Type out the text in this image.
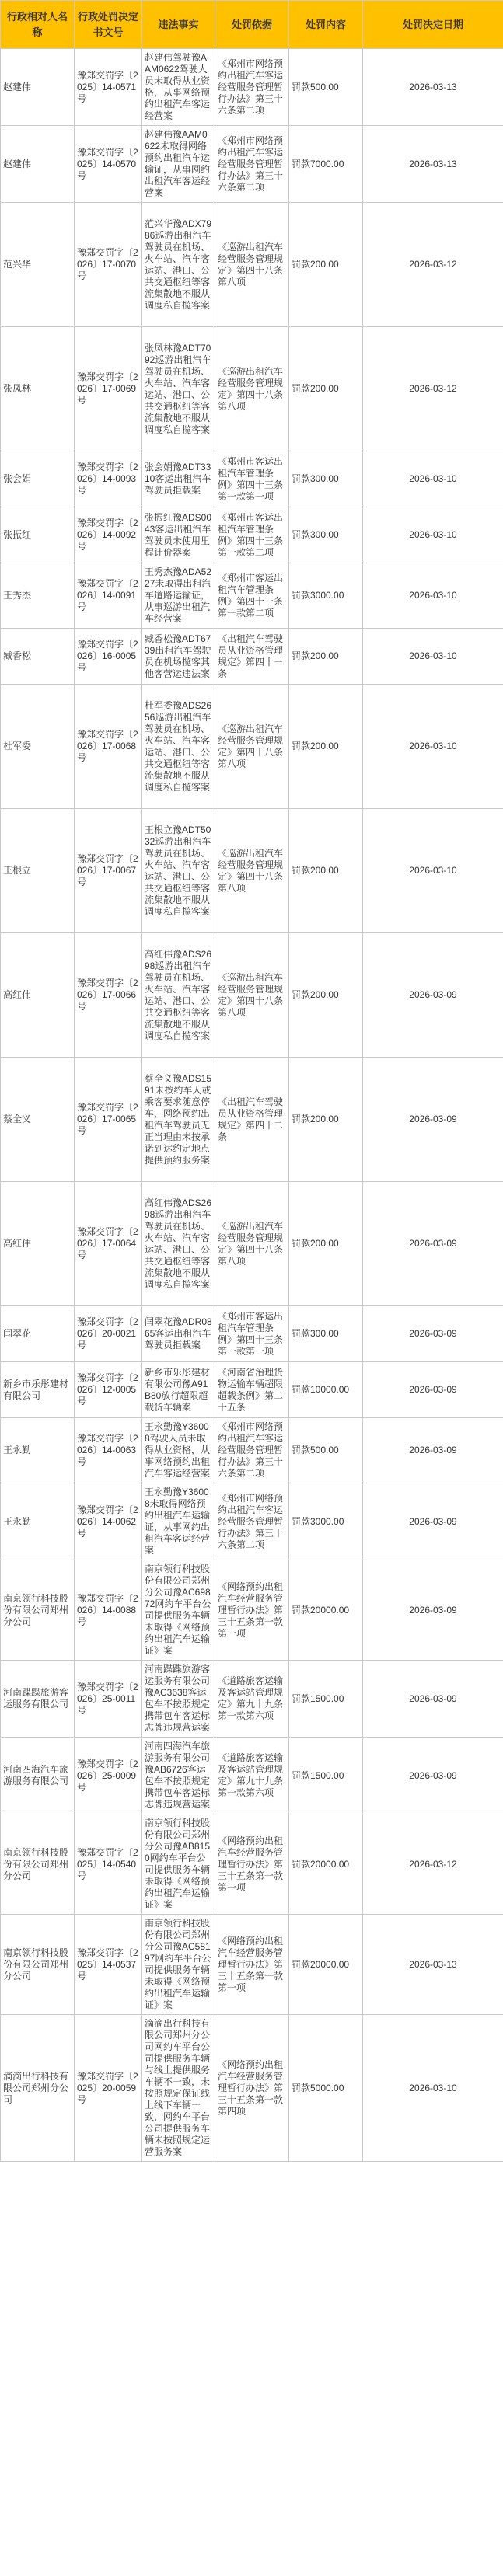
行政相对人名称	行政处罚决定书文号	违法事实	处罚依据	处罚内容	处罚决定日期
赵建伟	豫郑交罚字〔2025〕14-0571号	赵建伟驾驶豫AAM0622驾驶人员未取得从业资格，从事网络预约出租汽车客运经营案	《郑州市网络预约出租汽车客运经营服务管理暂行办法》第三十六条第二项	罚款500.00	2026-03-13
赵建伟	豫郑交罚字〔2025〕14-0570号	赵建伟豫AAM0622未取得网络预约出租汽车运输证，从事网约出租汽车客运经营案	《郑州市网络预约出租汽车客运经营服务管理暂行办法》第三十六条第二项	罚款7000.00	2026-03-13
范兴华	豫郑交罚字〔2026〕17-0070号	范兴华豫ADX7986巡游出租汽车驾驶员在机场、火车站、汽车客运站、港口、公共交通枢纽等客流集散地不服从调度私自揽客案	《巡游出租汽车经营服务管理规定》第四十八条第八项	罚款200.00	2026-03-12
张凤林	豫郑交罚字〔2026〕17-0069号	张凤林豫ADT7092巡游出租汽车驾驶员在机场、火车站、汽车客运站、港口、公共交通枢纽等客流集散地不服从调度私自揽客案	《巡游出租汽车经营服务管理规定》第四十八条第八项	罚款200.00	2026-03-12
张会娟	豫郑交罚字〔2026〕14-0093号	张会娟豫ADT3310客运出租汽车驾驶员拒载案	《郑州市客运出租汽车管理条例》第四十三条第一款第一项	罚款300.00	2026-03-10
张振红	豫郑交罚字〔2026〕14-0092号	张振红豫ADS0043客运出租汽车驾驶员未使用里程计价器案	《郑州市客运出租汽车管理条例》第四十三条第一款第二项	罚款300.00	2026-03-10
王秀杰	豫郑交罚字〔2026〕14-0091号	王秀杰豫ADA5227未取得出租汽车道路运输证，从事巡游出租汽车经营案	《郑州市客运出租汽车管理条例》第四十一条第一款第二项	罚款3000.00	2026-03-10
臧香松	豫郑交罚字〔2026〕16-0005号	臧香松豫ADT6739出租汽车驾驶员在机场揽客其他客营运违法案	《出租汽车驾驶员从业资格管理规定》第四十一条	罚款200.00	2026-03-10
杜军委	豫郑交罚字〔2026〕17-0068号	杜军委豫ADS2656巡游出租汽车驾驶员在机场、火车站、汽车客运站、港口、公共交通枢纽等客流集散地不服从调度私自揽客案	《巡游出租汽车经营服务管理规定》第四十八条第八项	罚款200.00	2026-03-10
王根立	豫郑交罚字〔2026〕17-0067号	王根立豫ADT5032巡游出租汽车驾驶员在机场、火车站、汽车客运站、港口、公共交通枢纽等客流集散地不服从调度私自揽客案	《巡游出租汽车经营服务管理规定》第四十八条第八项	罚款200.00	2026-03-10
高红伟	豫郑交罚字〔2026〕17-0066号	高红伟豫ADS2698巡游出租汽车驾驶员在机场、火车站、汽车客运站、港口、公共交通枢纽等客流集散地不服从调度私自揽客案	《巡游出租汽车经营服务管理规定》第四十八条第八项	罚款200.00	2026-03-09
蔡全义	豫郑交罚字〔2026〕17-0065号	蔡全义豫ADS1591未按约车人或乘客要求随意停车，网络预约出租汽车驾驶员无正当理由未按承诺到达约定地点提供预约服务案	《出租汽车驾驶员从业资格管理规定》第四十二条	罚款200.00	2026-03-09
高红伟	豫郑交罚字〔2026〕17-0064号	高红伟豫ADS2698巡游出租汽车驾驶员在机场、火车站、汽车客运站、港口、公共交通枢纽等客流集散地不服从调度私自揽客案	《巡游出租汽车经营服务管理规定》第四十八条第八项	罚款200.00	2026-03-09
闫翠花	豫郑交罚字〔2026〕20-0021号	闫翠花豫ADR0865客运出租汽车驾驶员拒载案	《郑州市客运出租汽车管理条例》第四十三条第一款第一项	罚款300.00	2026-03-09
新乡市乐彤建材有限公司	豫郑交罚字〔2026〕12-0005号	新乡市乐彤建材有限公司豫A91B80放行超限超载货车辆案	《河南省治理货物运输车辆超限超载条例》第二十五条	罚款10000.00	2026-03-09
王永勤	豫郑交罚字〔2026〕14-0063号	王永勤豫Y36008驾驶人员未取得从业资格，从事网络预约出租汽车客运经营案	《郑州市网络预约出租汽车客运经营服务管理暂行办法》第三十六条第二项	罚款500.00	2026-03-09
王永勤	豫郑交罚字〔2026〕14-0062号	王永勤豫Y36008未取得网络预约出租汽车运输证，从事网约出租汽车客运经营案	《郑州市网络预约出租汽车客运经营服务管理暂行办法》第三十六条第二项	罚款3000.00	2026-03-09
南京领行科技股份有限公司郑州分公司	豫郑交罚字〔2026〕14-0088号	南京领行科技股份有限公司郑州分公司豫AC69872网约车平台公司提供服务车辆未取得《网络预约出租汽车运输证》案	《网络预约出租汽车经营服务管理暂行办法》第三十五条第一款第一项	罚款20000.00	2026-03-09
河南蹀蹀旅游客运服务有限公司	豫郑交罚字〔2026〕25-0011号	河南蹀蹀旅游客运服务有限公司豫AC3638客运包车不按照规定携带包车客运标志牌违规营运案	《道路旅客运输及客运站管理规定》第九十九条第一款第六项	罚款1500.00	2026-03-09
河南四海汽车旅游服务有限公司	豫郑交罚字〔2026〕25-0009号	河南四海汽车旅游服务有限公司豫AB6726客运包车不按照规定携带包车客运标志牌违规营运案	《道路旅客运输及客运站管理规定》第九十九条第一款第六项	罚款1500.00	2026-03-09
南京领行科技股份有限公司郑州分公司	豫郑交罚字〔2025〕14-0540号	南京领行科技股份有限公司郑州分公司豫AB8150网约车平台公司提供服务车辆未取得《网络预约出租汽车运输证》案	《网络预约出租汽车经营服务管理暂行办法》第三十五条第一款第一项	罚款20000.00	2026-03-12
南京领行科技股份有限公司郑州分公司	豫郑交罚字〔2025〕14-0537号	南京领行科技股份有限公司郑州分公司豫AC58197网约车平台公司提供服务车辆未取得《网络预约出租汽车运输证》案	《网络预约出租汽车经营服务管理暂行办法》第三十五条第一款第一项	罚款20000.00	2026-03-13
滴滴出行科技有限公司郑州分公司	豫郑交罚字〔2025〕20-0059号	滴滴出行科技有限公司郑州分公司网约车平台公司提供服务车辆与线上提供服务车辆不一致，未按照规定保证线上线下车辆一致，网约车平台公司提供服务车辆未按照规定运营服务案	《网络预约出租汽车经营服务管理暂行办法》第三十五条第一款第四项	罚款5000.00	2026-03-10
